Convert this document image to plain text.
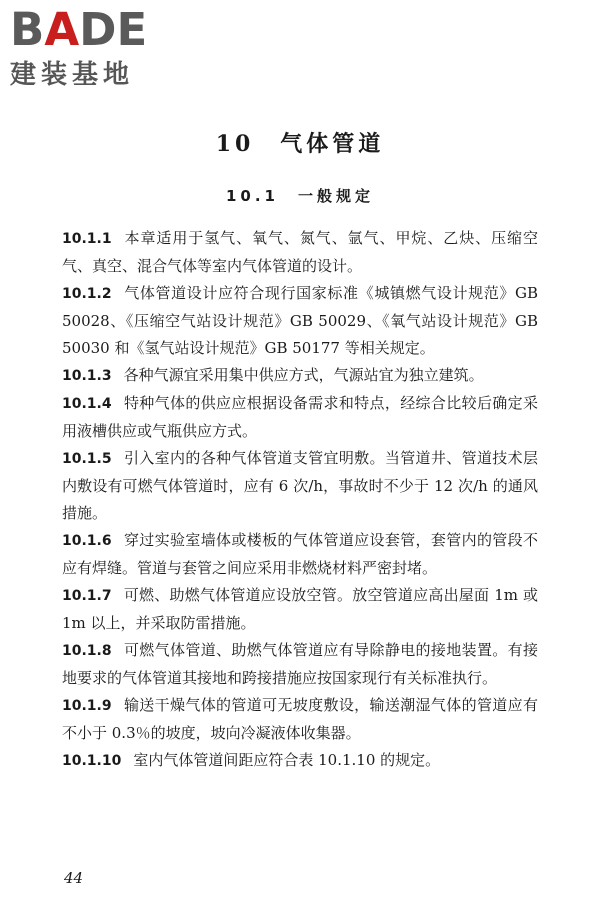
BADE
建装基地
10　气体管道
10.1　一般规定

10.1.1 本章适用于氢气、氧气、氮气、氩气、甲烷、乙炔、压缩空气、真空、混合气体等室内气体管道的设计。

10.1.2 气体管道设计应符合现行国家标准《城镇燃气设计规范》GB 50028、《压缩空气站设计规范》GB 50029、《氧气站设计规范》GB 50030 和《氢气站设计规范》GB 50177 等相关规定。

10.1.3 各种气源宜采用集中供应方式，气源站宜为独立建筑。

10.1.4 特种气体的供应应根据设备需求和特点，经综合比较后确定采用液槽供应或气瓶供应方式。

10.1.5 引入室内的各种气体管道支管宜明敷。当管道井、管道技术层内敷设有可燃气体管道时，应有 6 次/h，事故时不少于 12 次/h 的通风措施。

10.1.6 穿过实验室墙体或楼板的气体管道应设套管，套管内的管段不应有焊缝。管道与套管之间应采用非燃烧材料严密封堵。

10.1.7 可燃、助燃气体管道应设放空管。放空管道应高出屋面 1m 或 1m 以上，并采取防雷措施。

10.1.8 可燃气体管道、助燃气体管道应有导除静电的接地装置。有接地要求的气体管道其接地和跨接措施应按国家现行有关标准执行。

10.1.9 输送干燥气体的管道可无坡度敷设，输送潮湿气体的管道应有不小于 0.3％的坡度，坡向冷凝液体收集器。

10.1.10 室内气体管道间距应符合表 10.1.10 的规定。

44
